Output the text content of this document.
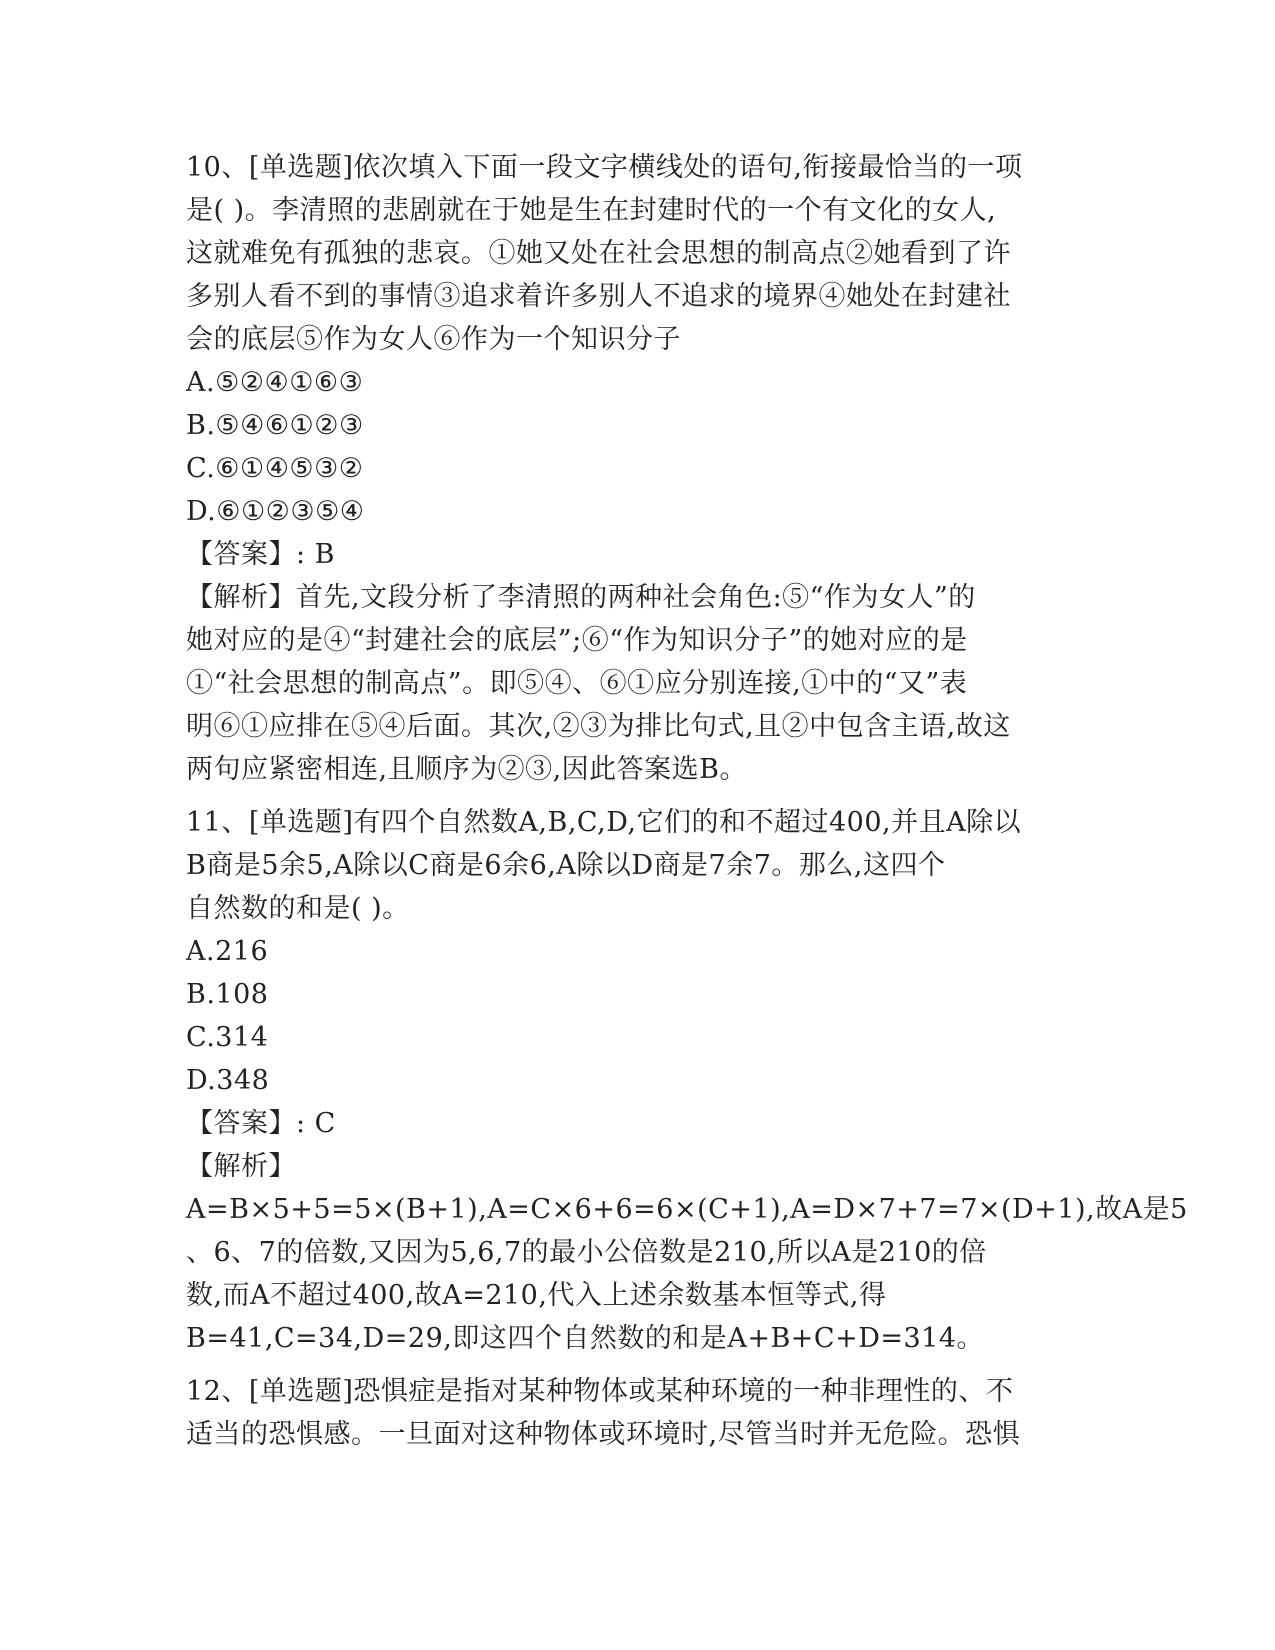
10、[单选题]依次填入下面一段文字横线处的语句,衔接最恰当的一项
是( )。李清照的悲剧就在于她是生在封建时代的一个有文化的女人,
这就难免有孤独的悲哀。①她又处在社会思想的制高点②她看到了许
多别人看不到的事情③追求着许多别人不追求的境界④她处在封建社
会的底层⑤作为女人⑥作为一个知识分子
A.⑤②④①⑥③
B.⑤④⑥①②③
C.⑥①④⑤③②
D.⑥①②③⑤④
【答案】: B
【解析】首先,文段分析了李清照的两种社会角色:⑤“作为女人”的
她对应的是④“封建社会的底层”;⑥“作为知识分子”的她对应的是
①“社会思想的制高点”。即⑤④、⑥①应分别连接,①中的“又”表
明⑥①应排在⑤④后面。其次,②③为排比句式,且②中包含主语,故这
两句应紧密相连,且顺序为②③,因此答案选B。
11、[单选题]有四个自然数A,B,C,D,它们的和不超过400,并且A除以
B商是5余5,A除以C商是6余6,A除以D商是7余7。那么,这四个
自然数的和是( )。
A.216
B.108
C.314
D.348
【答案】: C
【解析】
A=B×5+5=5×(B+1),A=C×6+6=6×(C+1),A=D×7+7=7×(D+1),故A是5
、6、7的倍数,又因为5,6,7的最小公倍数是210,所以A是210的倍
数,而A不超过400,故A=210,代入上述余数基本恒等式,得
B=41,C=34,D=29,即这四个自然数的和是A+B+C+D=314。
12、[单选题]恐惧症是指对某种物体或某种环境的一种非理性的、不
适当的恐惧感。一旦面对这种物体或环境时,尽管当时并无危险。恐惧
